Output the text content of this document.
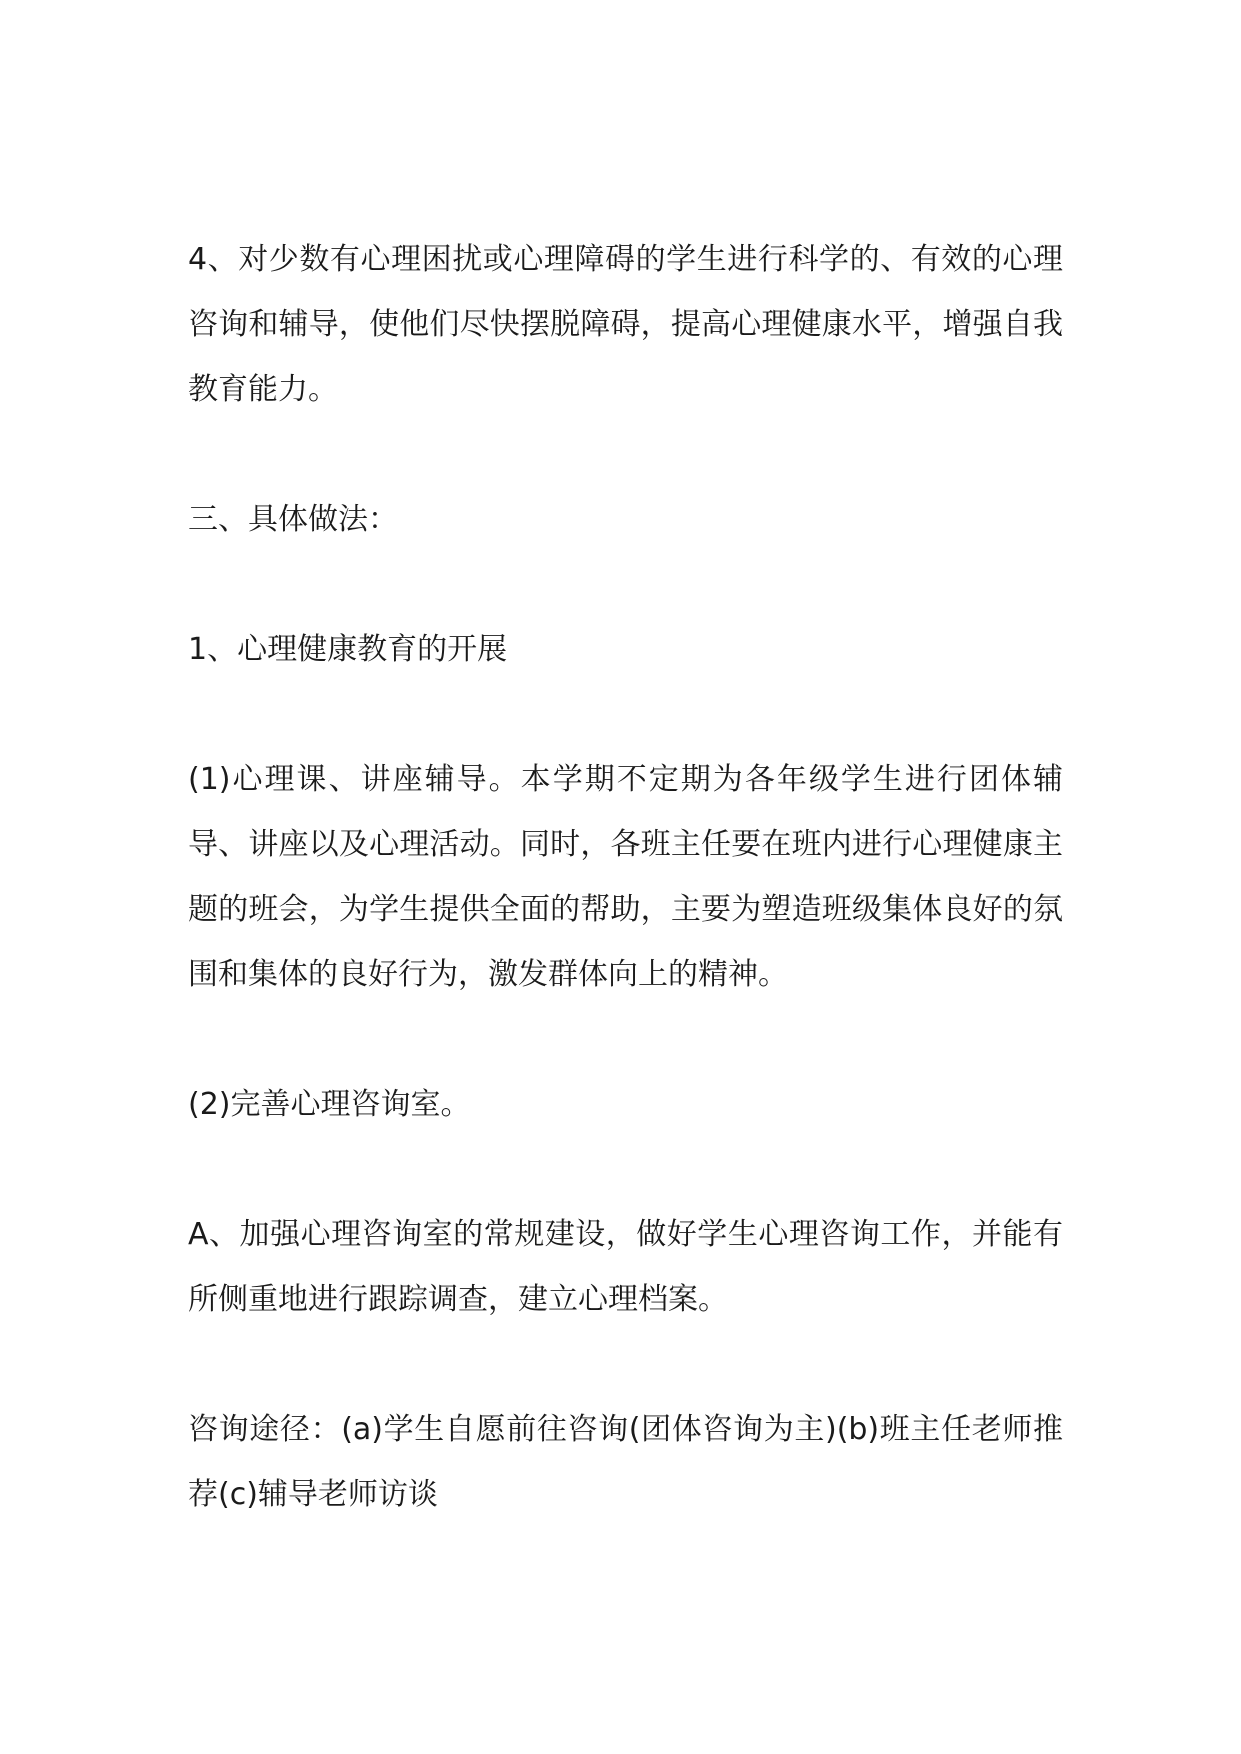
4、对少数有心理困扰或心理障碍的学生进行科学的、有效的心理咨询和辅导，使他们尽快摆脱障碍，提高心理健康水平，增强自我教育能力。

三、具体做法：

1、心理健康教育的开展

(1)心理课、讲座辅导。本学期不定期为各年级学生进行团体辅导、讲座以及心理活动。同时，各班主任要在班内进行心理健康主题的班会，为学生提供全面的帮助，主要为塑造班级集体良好的氛围和集体的良好行为，激发群体向上的精神。

(2)完善心理咨询室。

A、加强心理咨询室的常规建设，做好学生心理咨询工作，并能有所侧重地进行跟踪调查，建立心理档案。

咨询途径：(a)学生自愿前往咨询(团体咨询为主)(b)班主任老师推荐(c)辅导老师访谈
